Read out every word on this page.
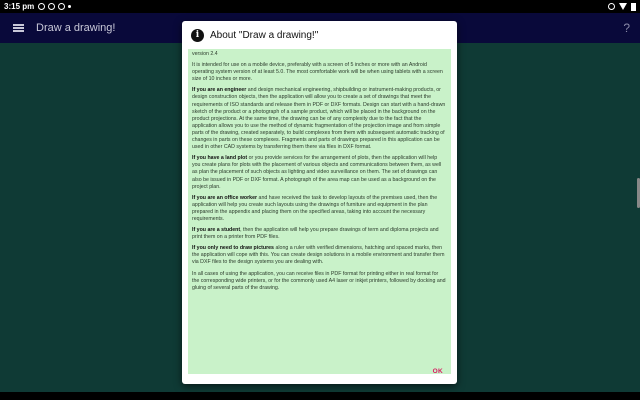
3:15 pm
Draw a drawing!	?
i	About "Draw a drawing!"
version 2.4
It is intended for use on a mobile device, preferably with a screen of 5 inches or more with an Android operating system version of at least 5.0. The most comfortable work will be when using tablets with a screen size of 10 inches or more.
If you are an engineer and design mechanical engineering, shipbuilding or instrument-making products, or design construction objects, then the application will allow you to create a set of drawings that meet the requirements of ISO standards and release them in PDF or DXF formats. Design can start with a hand-drawn sketch of the product or a photograph of a sample product, which will be placed in the background on the product projections. At the same time, the drawing can be of any complexity due to the fact that the application allows you to use the method of dynamic fragmentation of the projection image and from simple parts of the drawing, created separately, to build complexes from them with subsequent automatic tracking of changes in parts on these complexes. Fragments and parts of drawings prepared in this application can be used in other CAD systems by transferring them there via files in DXF format.
If you have a land plot or you provide services for the arrangement of plots, then the application will help you create plans for plots with the placement of various objects and communications between them, as well as plan the placement of such objects as lighting and video surveillance on them. The set of drawings can also be issued in PDF or DXF format. A photograph of the area map can be used as a background on the project plan.
If you are an office worker and have received the task to develop layouts of the premises used, then the application will help you create such layouts using the drawings of furniture and equipment in the plan prepared in the appendix and placing them on the specified areas, taking into account the necessary requirements.
If you are a student, then the application will help you prepare drawings of term and diploma projects and print them on a printer from PDF files.
If you only need to draw pictures along a ruler with verified dimensions, hatching and spaced marks, then the application will cope with this. You can create design solutions in a mobile environment and transfer them via DXF files to the design systems you are dealing with.
In all cases of using the application, you can receive files in PDF format for printing either in real format for the corresponding wide printers, or for the commonly used A4 laser or inkjet printers, followed by docking and gluing of several parts of the drawing.
OK
